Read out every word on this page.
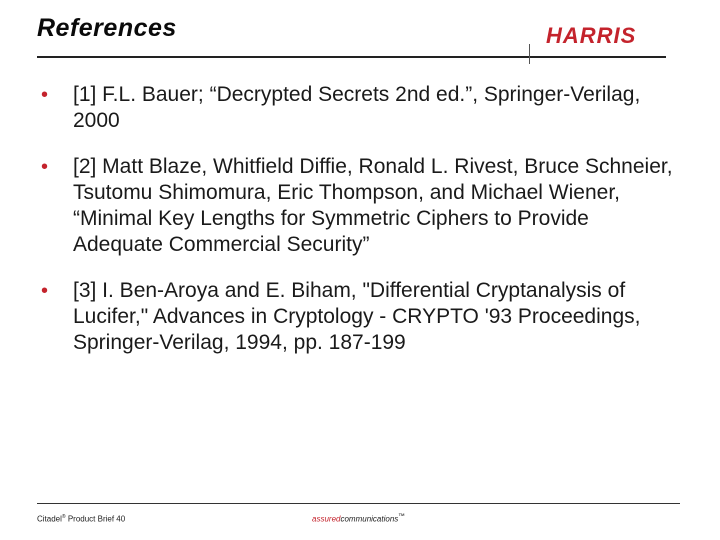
References	HARRIS
• [1] F.L. Bauer; “Decrypted Secrets 2nd ed.”, Springer-Verilag, 2000
• [2] Matt Blaze, Whitfield Diffie, Ronald L. Rivest, Bruce Schneier, Tsutomu Shimomura, Eric Thompson, and Michael Wiener, “Minimal Key Lengths for Symmetric Ciphers to Provide Adequate Commercial Security”
• [3] I. Ben-Aroya and E. Biham, "Differential Cryptanalysis of Lucifer," Advances in Cryptology - CRYPTO '93 Proceedings, Springer-Verilag, 1994, pp. 187-199
Citadel® Product Brief 40	assuredcommunications™
